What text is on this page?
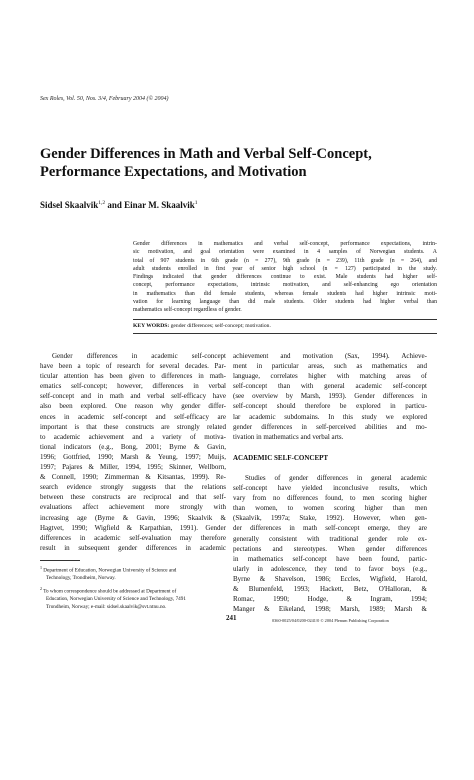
Sex Roles, Vol. 50, Nos. 3/4, February 2004 (© 2004)
Gender Differences in Math and Verbal Self-Concept,
Performance Expectations, and Motivation
Sidsel Skaalvik$^{1,2}$ and Einar M. Skaalvik$^1$
Gender differences in mathematics and verbal self-concept, performance expectations, intrin-
sic motivation, and goal orientation were examined in 4 samples of Norwegian students. A
total of 907 students in 6th grade (n = 277), 9th grade (n = 239), 11th grade (n = 264), and
adult students enrolled in first year of senior high school (n = 127) participated in the study.
Findings indicated that gender differences continue to exist. Male students had higher self-
concept, performance expectations, intrinsic motivation, and self-enhancing ego orientation
in mathematics than did female students, whereas female students had higher intrinsic moti-
vation for learning language than did male students. Older students had higher verbal than
mathematics self-concept regardless of gender.
KEY WORDS: gender differences; self-concept; motivation.
Gender differences in academic self-concept
have been a topic of research for several decades. Par-
ticular attention has been given to differences in math-
ematics self-concept; however, differences in verbal
self-concept and in math and verbal self-efficacy have
also been explored. One reason why gender differ-
ences in academic self-concept and self-efficacy are
important is that these constructs are strongly related
to academic achievement and a variety of motiva-
tional indicators (e.g., Bong, 2001; Byrne & Gavin,
1996; Gottfried, 1990; Marsh & Yeung, 1997; Muijs,
1997; Pajares & Miller, 1994, 1995; Skinner, Wellborn,
& Connell, 1990; Zimmerman & Kitsantas, 1999). Re-
search evidence strongly suggests that the relations
between these constructs are reciprocal and that self-
evaluations affect achievement more strongly with
increasing age (Byrne & Gavin, 1996; Skaalvik &
Hagtvet, 1990; Wigfield & Karpathian, 1991). Gender
differences in academic self-evaluation may therefore
result in subsequent gender differences in academic
achievement and motivation (Sax, 1994). Achieve-
ment in particular areas, such as mathematics and
language, correlates higher with matching areas of
self-concept than with general academic self-concept
(see overview by Marsh, 1993). Gender differences in
self-concept should therefore be explored in particu-
lar academic subdomains. In this study we explored
gender differences in self-perceived abilities and mo-
tivation in mathematics and verbal arts.
ACADEMIC SELF-CONCEPT
Studies of gender differences in general academic
self-concept have yielded inconclusive results, which
vary from no differences found, to men scoring higher
than women, to women scoring higher than men
(Skaalvik, 1997a; Stake, 1992). However, when gen-
der differences in math self-concept emerge, they are
generally consistent with traditional gender role ex-
pectations and stereotypes. When gender differences
in mathematics self-concept have been found, partic-
ularly in adolescence, they tend to favor boys (e.g.,
Byrne & Shavelson, 1986; Eccles, Wigfield, Harold,
& Blumenfeld, 1993; Hackett, Betz, O'Halloran, &
Romac, 1990; Hodge, & Ingram, 1994;
Manger & Eikeland, 1998; Marsh, 1989; Marsh &
$^1$ Department of Education, Norwegian University of Science and
Technology, Trondheim, Norway.
$^2$ To whom correspondence should be addressed at Department of
Education, Norwegian University of Science and Technology, 7491
Trondheim, Norway; e-mail: sidsel.skaalvik@svt.ntnu.no.
241	0360-0025/04/0200-0241/0 © 2004 Plenum Publishing Corporation
